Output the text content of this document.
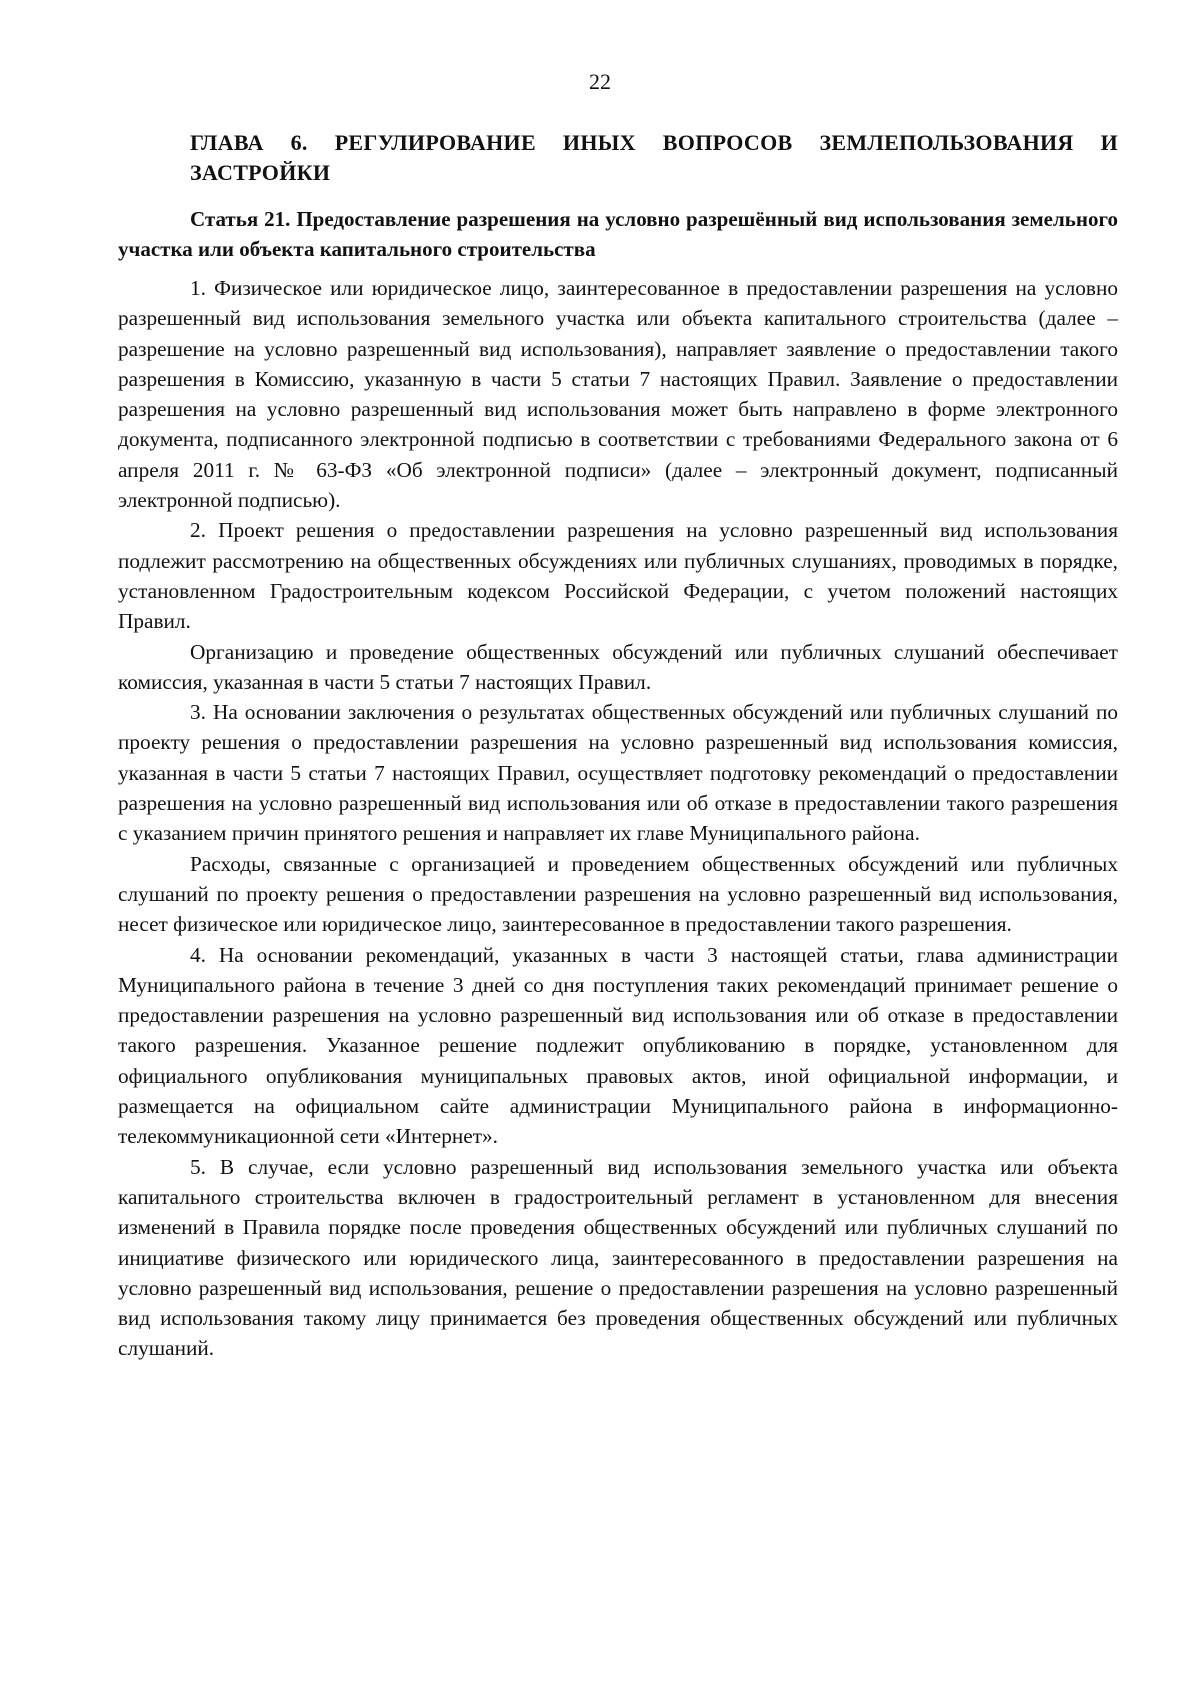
22
ГЛАВА 6. РЕГУЛИРОВАНИЕ ИНЫХ ВОПРОСОВ ЗЕМЛЕПОЛЬЗОВАНИЯ И ЗАСТРОЙКИ
Статья 21. Предоставление разрешения на условно разрешённый вид использования земельного участка или объекта капитального строительства

1. Физическое или юридическое лицо, заинтересованное в предоставлении разрешения на условно разрешенный вид использования земельного участка или объекта капитального строительства (далее – разрешение на условно разрешенный вид использования), направляет заявление о предоставлении такого разрешения в Комиссию, указанную в части 5 статьи 7 настоящих Правил. Заявление о предоставлении разрешения на условно разрешенный вид использования может быть направлено в форме электронного документа, подписанного электронной подписью в соответствии с требованиями Федерального закона от 6 апреля 2011 г. № 63-ФЗ «Об электронной подписи» (далее – электронный документ, подписанный электронной подписью).

2. Проект решения о предоставлении разрешения на условно разрешенный вид использования подлежит рассмотрению на общественных обсуждениях или публичных слушаниях, проводимых в порядке, установленном Градостроительным кодексом Российской Федерации, с учетом положений настоящих Правил.

Организацию и проведение общественных обсуждений или публичных слушаний обеспечивает комиссия, указанная в части 5 статьи 7 настоящих Правил.

3. На основании заключения о результатах общественных обсуждений или публичных слушаний по проекту решения о предоставлении разрешения на условно разрешенный вид использования комиссия, указанная в части 5 статьи 7 настоящих Правил, осуществляет подготовку рекомендаций о предоставлении разрешения на условно разрешенный вид использования или об отказе в предоставлении такого разрешения с указанием причин принятого решения и направляет их главе Муниципального района.

Расходы, связанные с организацией и проведением общественных обсуждений или публичных слушаний по проекту решения о предоставлении разрешения на условно разрешенный вид использования, несет физическое или юридическое лицо, заинтересованное в предоставлении такого разрешения.

4. На основании рекомендаций, указанных в части 3 настоящей статьи, глава администрации Муниципального района в течение 3 дней со дня поступления таких рекомендаций принимает решение о предоставлении разрешения на условно разрешенный вид использования или об отказе в предоставлении такого разрешения. Указанное решение подлежит опубликованию в порядке, установленном для официального опубликования муниципальных правовых актов, иной официальной информации, и размещается на официальном сайте администрации Муниципального района в информационно-телекоммуникационной сети «Интернет».

5. В случае, если условно разрешенный вид использования земельного участка или объекта капитального строительства включен в градостроительный регламент в установленном для внесения изменений в Правила порядке после проведения общественных обсуждений или публичных слушаний по инициативе физического или юридического лица, заинтересованного в предоставлении разрешения на условно разрешенный вид использования, решение о предоставлении разрешения на условно разрешенный вид использования такому лицу принимается без проведения общественных обсуждений или публичных слушаний.
